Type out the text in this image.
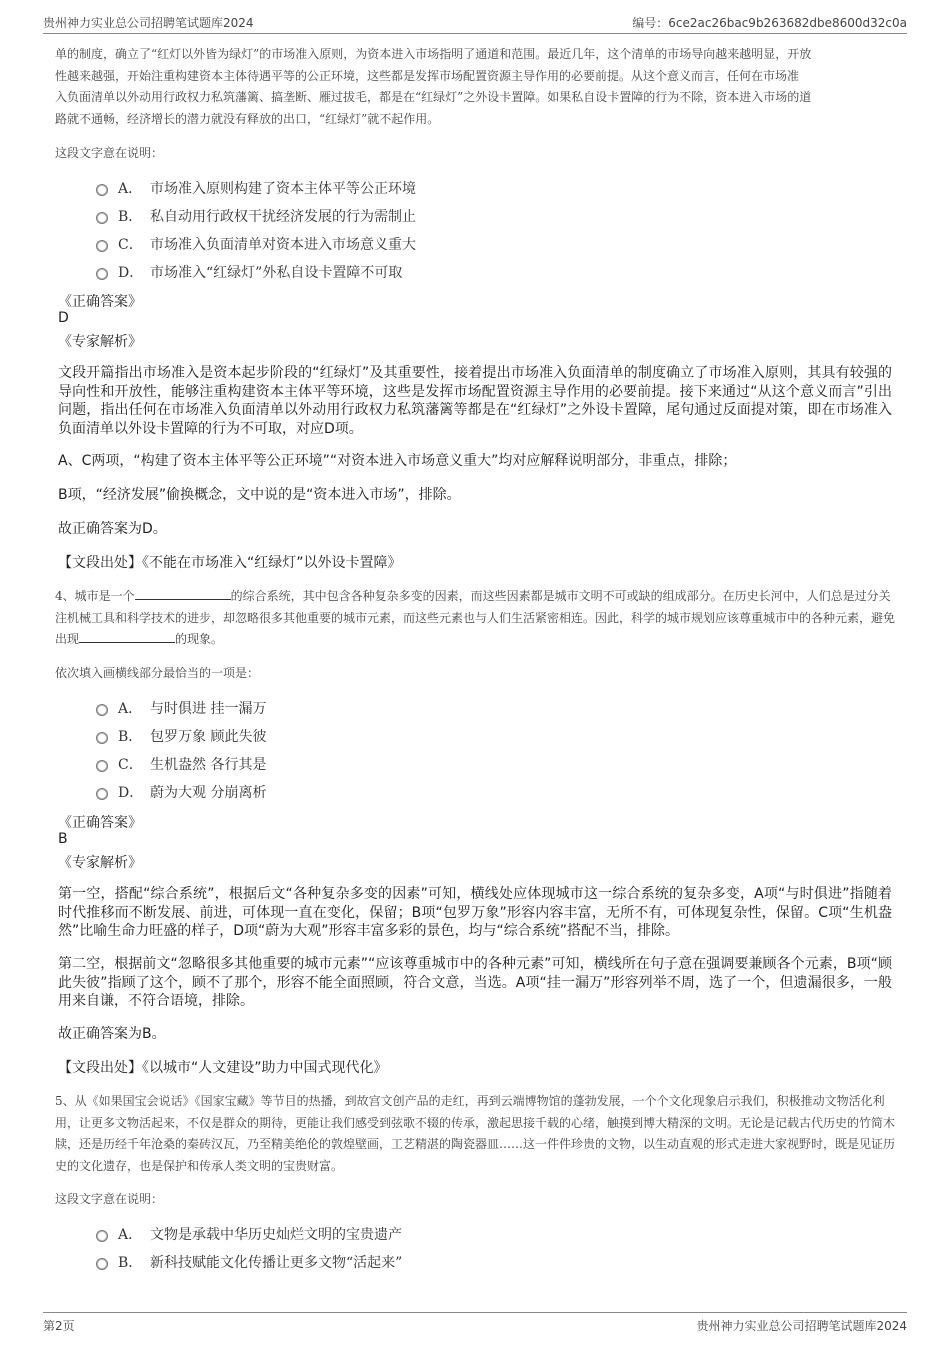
贵州神力实业总公司招聘笔试题库2024	编号：6ce2ac26bac9b263682dbe8600d32c0a
单的制度，确立了“红灯以外皆为绿灯”的市场准入原则，为资本进入市场指明了通道和范围。最近几年，这个清单的市场导向越来越明显，开放
性越来越强，开始注重构建资本主体待遇平等的公正环境，这些都是发挥市场配置资源主导作用的必要前提。从这个意义而言，任何在市场准
入负面清单以外动用行政权力私筑藩篱、搞垄断、雁过拔毛，都是在“红绿灯”之外设卡置障。如果私自设卡置障的行为不除，资本进入市场的道
路就不通畅，经济增长的潜力就没有释放的出口，“红绿灯”就不起作用。
这段文字意在说明：
A． 市场准入原则构建了资本主体平等公正环境
B． 私自动用行政权干扰经济发展的行为需制止
C． 市场准入负面清单对资本进入市场意义重大
D． 市场准入“红绿灯”外私自设卡置障不可取
《正确答案》
D
《专家解析》
文段开篇指出市场准入是资本起步阶段的“红绿灯”及其重要性，接着提出市场准入负面清单的制度确立了市场准入原则，其具有较强的导向性和开放性，能够注重构建资本主体平等环境，这些是发挥市场配置资源主导作用的必要前提。接下来通过“从这个意义而言”引出问题，指出任何在市场准入负面清单以外动用行政权力私筑藩篱等都是在“红绿灯”之外设卡置障，尾句通过反面提对策，即在市场准入负面清单以外设卡置障的行为不可取，对应D项。
A、C两项，“构建了资本主体平等公正环境”“对资本进入市场意义重大”均对应解释说明部分，非重点，排除；
B项，“经济发展”偷换概念，文中说的是“资本进入市场”，排除。
故正确答案为D。
【文段出处】《不能在市场准入“红绿灯”以外设卡置障》
4、城市是一个	的综合系统，其中包含各种复杂多变的因素，而这些因素都是城市文明不可或缺的组成部分。在历史长河中，人们总是过分关注机械工具和科学技术的进步，却忽略很多其他重要的城市元素，而这些元素也与人们生活紧密相连。因此，科学的城市规划应该尊重城市中的各种元素，避免出现	的现象。
依次填入画横线部分最恰当的一项是：
A． 与时俱进 挂一漏万
B． 包罗万象 顾此失彼
C． 生机盎然 各行其是
D． 蔚为大观 分崩离析
《正确答案》
B
《专家解析》
第一空，搭配“综合系统”，根据后文“各种复杂多变的因素”可知，横线处应体现城市这一综合系统的复杂多变，A项“与时俱进”指随着时代推移而不断发展、前进，可体现一直在变化，保留；B项“包罗万象”形容内容丰富，无所不有，可体现复杂性，保留。C项“生机盎然”比喻生命力旺盛的样子，D项“蔚为大观”形容丰富多彩的景色，均与“综合系统”搭配不当，排除。
第二空，根据前文“忽略很多其他重要的城市元素”“应该尊重城市中的各种元素”可知，横线所在句子意在强调要兼顾各个元素，B项“顾此失彼”指顾了这个，顾不了那个，形容不能全面照顾，符合文意，当选。A项“挂一漏万”形容列举不周，选了一个，但遗漏很多，一般用来自谦，不符合语境，排除。
故正确答案为B。
【文段出处】《以城市“人文建设”助力中国式现代化》
5、从《如果国宝会说话》《国家宝藏》等节目的热播，到故宫文创产品的走红，再到云端博物馆的蓬勃发展，一个个文化现象启示我们，积极推动文物活化利用，让更多文物活起来，不仅是群众的期待，更能让我们感受到弦歌不辍的传承，激起思接千载的心绪，触摸到博大精深的文明。无论是记载古代历史的竹简木牍，还是历经千年沧桑的秦砖汉瓦，乃至精美绝伦的敦煌壁画，工艺精湛的陶瓷器皿……这一件件珍贵的文物，以生动直观的形式走进大家视野时，既是见证历史的文化遗存，也是保护和传承人类文明的宝贵财富。
这段文字意在说明：
A． 文物是承载中华历史灿烂文明的宝贵遗产
B． 新科技赋能文化传播让更多文物“活起来”
第2页	贵州神力实业总公司招聘笔试题库2024
